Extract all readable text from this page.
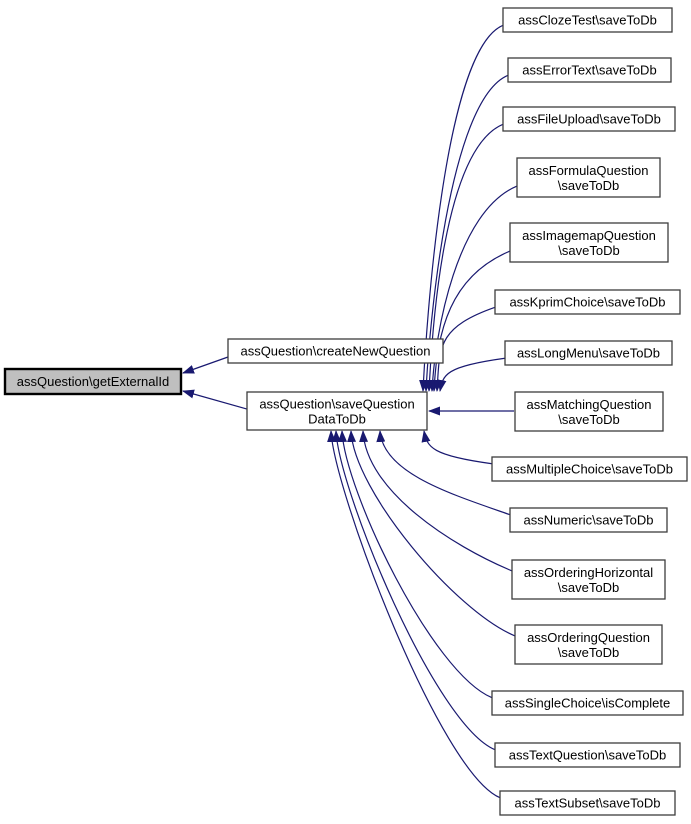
assQuestion\getExternalId
assQuestion\createNewQuestion
assQuestion\saveQuestion
DataToDb
assClozeTest\saveToDb
assErrorText\saveToDb
assFileUpload\saveToDb
assFormulaQuestion
\saveToDb
assImagemapQuestion
\saveToDb
assKprimChoice\saveToDb
assLongMenu\saveToDb
assMatchingQuestion
\saveToDb
assMultipleChoice\saveToDb
assNumeric\saveToDb
assOrderingHorizontal
\saveToDb
assOrderingQuestion
\saveToDb
assSingleChoice\isComplete
assTextQuestion\saveToDb
assTextSubset\saveToDb
